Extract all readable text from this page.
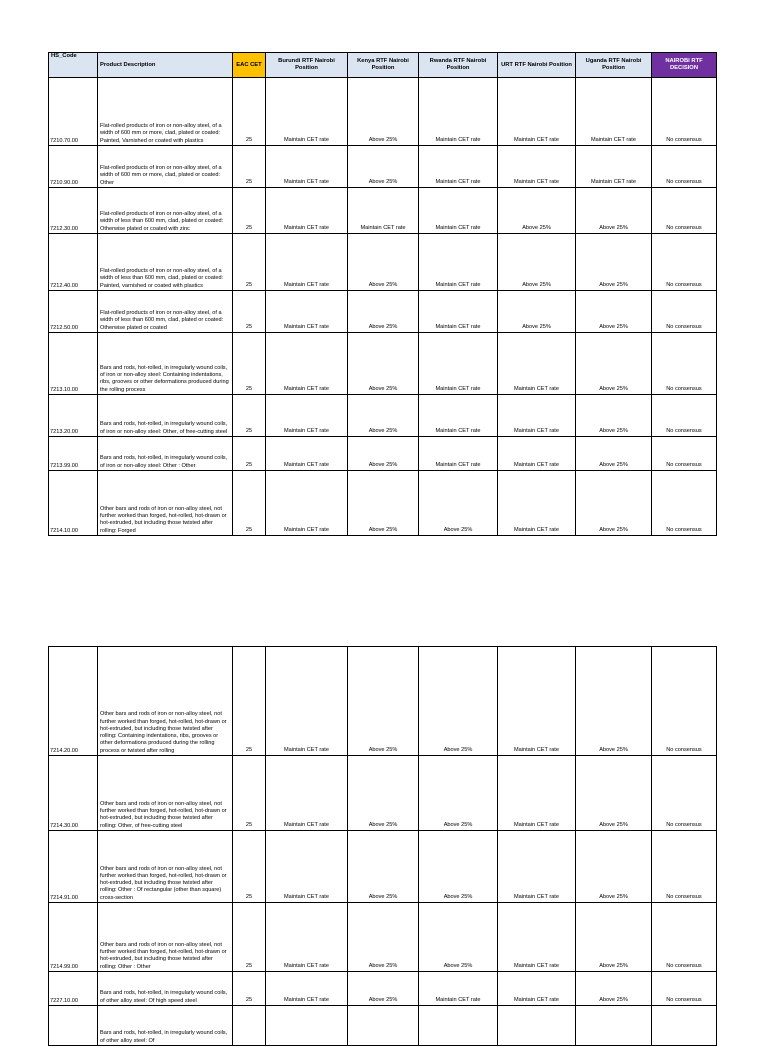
HS_Code	Product Description	EAC CET	Burundi RTF Nairobi Position	Kenya RTF Nairobi Position	Rwanda RTF Nairobi Position	URT RTF Nairobi Position	Uganda RTF Nairobi Position	NAIROBI RTF DECISION
7210.70.00	Flat-rolled products of iron or non-alloy steel, of a width of 600 mm or more, clad, plated or coated: Painted, Varnished or coated with plastics	25	Maintain CET rate	Above 25%	Maintain CET rate	Maintain CET rate	Maintain CET rate	No consensus
7210.90.00	Flat-rolled products of iron or non-alloy steel, of a width of 600 mm or more, clad, plated or coated: Other	25	Maintain CET rate	Above 25%	Maintain CET rate	Maintain CET rate	Maintain CET rate	No consensus
7212.30.00	Flat-rolled products of iron or non-alloy steel, of a width of less than 600 mm, clad, plated or coated: Otherwise plated or coated with zinc	25	Maintain CET rate	Maintain CET rate	Maintain CET rate	Above 25%	Above 25%	No consensus
7212.40.00	Flat-rolled products of iron or non-alloy steel, of a width of less than 600 mm, clad, plated or coated: Painted, varnished or coated with plastics	25	Maintain CET rate	Above 25%	Maintain CET rate	Above 25%	Above 25%	No consensus
7212.50.00	Flat-rolled products of iron or non-alloy steel, of a width of less than 600 mm, clad, plated or coated: Otherwise plated or coated	25	Maintain CET rate	Above 25%	Maintain CET rate	Above 25%	Above 25%	No consensus
7213.10.00	Bars and rods, hot-rolled, in irregularly wound coils, of iron or non-alloy steel: Containing indentations, ribs, grooves or other deformations produced during the rolling process	25	Maintain CET rate	Above 25%	Maintain CET rate	Maintain CET rate	Above 25%	No consensus
7213.20.00	Bars and rods, hot-rolled, in irregularly wound coils, of iron or non-alloy steel: Other, of free-cutting steel	25	Maintain CET rate	Above 25%	Maintain CET rate	Maintain CET rate	Above 25%	No consensus
7213.99.00	Bars and rods, hot-rolled, in irregularly wound coils, of iron or non-alloy steel: Other : Other	25	Maintain CET rate	Above 25%	Maintain CET rate	Maintain CET rate	Above 25%	No consensus
7214.10.00	Other bars and rods of iron or non-alloy steel, not further worked than forged, hot-rolled, hot-drawn or hot-extruded, but including those twisted after rolling: Forged	25	Maintain CET rate	Above 25%	Above 25%	Maintain CET rate	Above 25%	No consensus
7214.20.00	Other bars and rods of iron or non-alloy steel, not further worked than forged, hot-rolled, hot-drawn or hot-extruded, but including those twisted after rolling: Containing indentations, ribs, grooves or other deformations produced during the rolling process or twisted after rolling	25	Maintain CET rate	Above 25%	Above 25%	Maintain CET rate	Above 25%	No consensus
7214.30.00	Other bars and rods of iron or non-alloy steel, not further worked than forged, hot-rolled, hot-drawn or hot-extruded, but including those twisted after rolling: Other, of free-cutting steel	25	Maintain CET rate	Above 25%	Above 25%	Maintain CET rate	Above 25%	No consensus
7214.91.00	Other bars and rods of iron or non-alloy steel, not further worked than forged, hot-rolled, hot-drawn or hot-extruded, but including those twisted after rolling: Other : Of rectangular (other than square) cross-section	25	Maintain CET rate	Above 25%	Above 25%	Maintain CET rate	Above 25%	No consensus
7214.99.00	Other bars and rods of iron or non-alloy steel, not further worked than forged, hot-rolled, hot-drawn or hot-extruded, but including those twisted after rolling: Other : Other	25	Maintain CET rate	Above 25%	Above 25%	Maintain CET rate	Above 25%	No consensus
7227.10.00	Bars and rods, hot-rolled, in irregularly wound coils, of other alloy steel: Of high speed steel	25	Maintain CET rate	Above 25%	Maintain CET rate	Maintain CET rate	Above 25%	No consensus
	Bars and rods, hot-rolled, in irregularly wound coils, of other alloy steel: Of							
